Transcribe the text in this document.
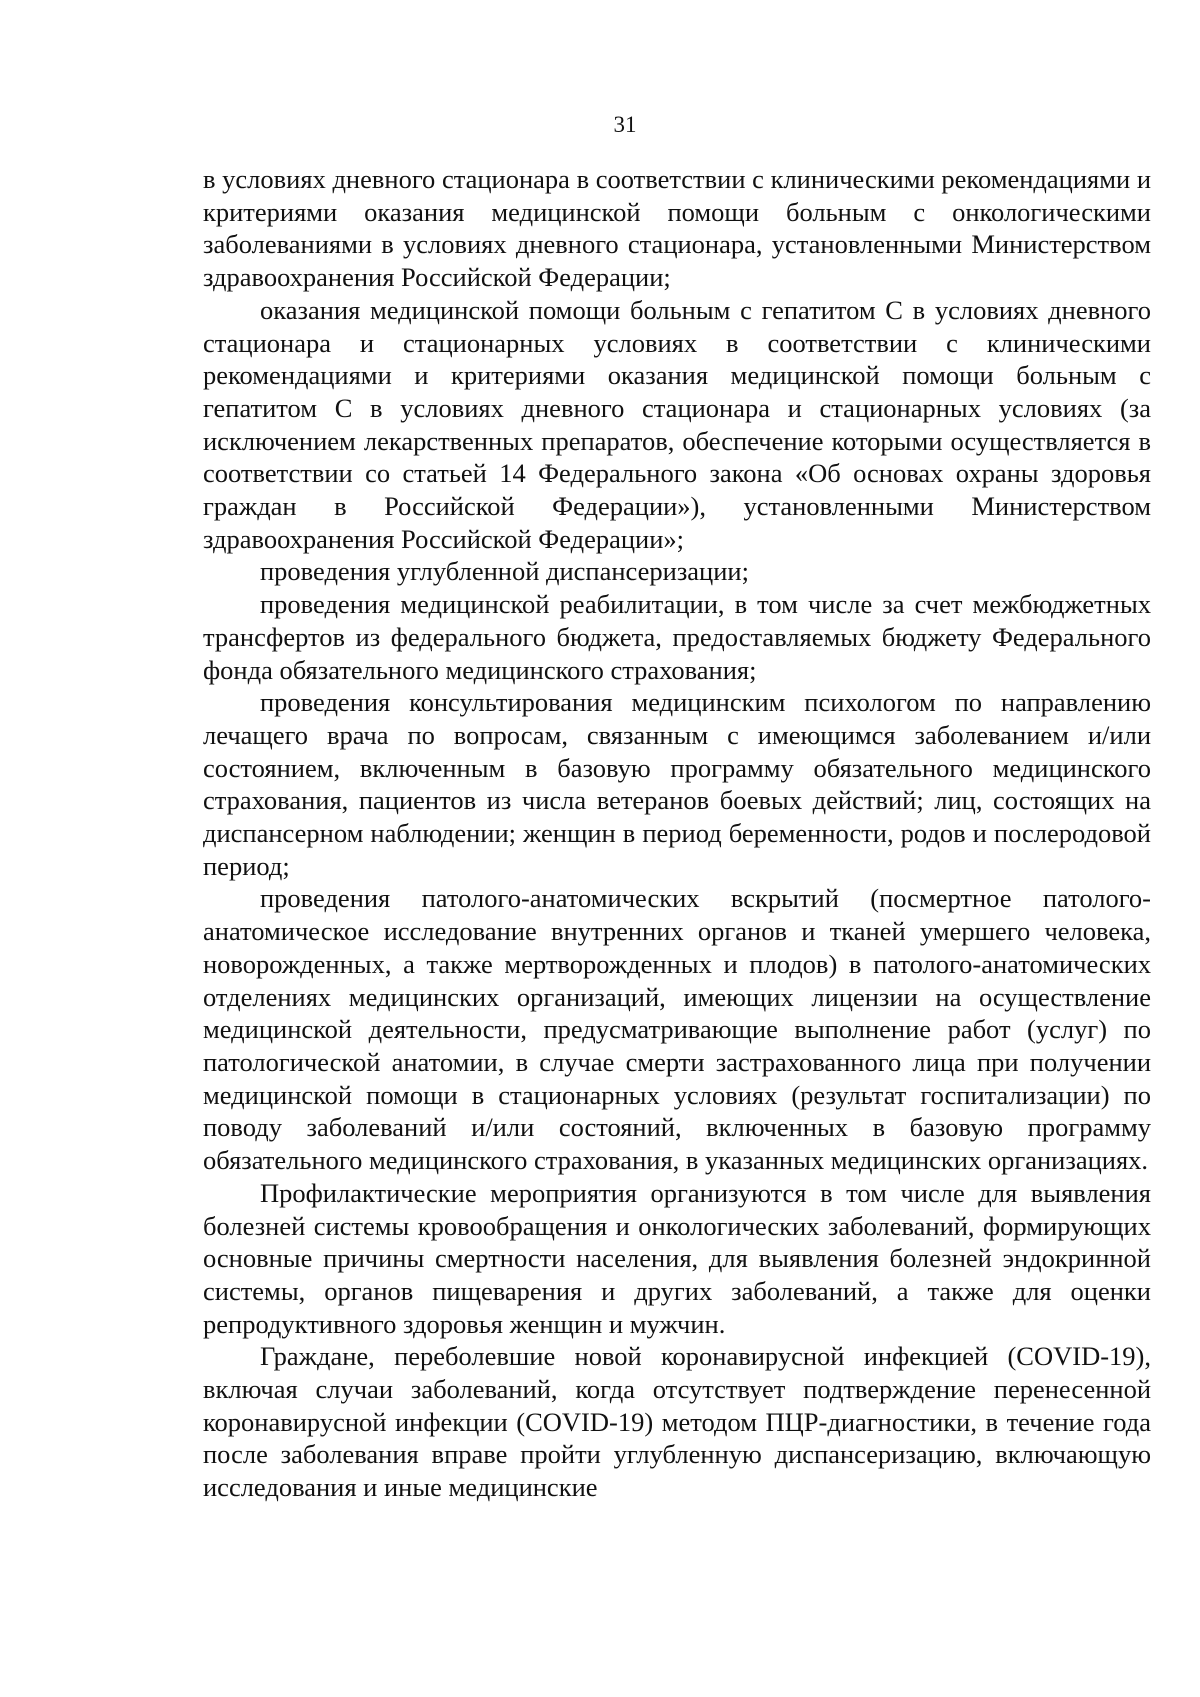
31

в условиях дневного стационара в соответствии с клиническими рекомендациями и критериями оказания медицинской помощи больным с онкологическими заболеваниями в условиях дневного стационара, установленными Министерством здравоохранения Российской Федерации;

оказания медицинской помощи больным с гепатитом С в условиях дневного стационара и стационарных условиях в соответствии с клиническими рекомендациями и критериями оказания медицинской помощи больным с гепатитом С в условиях дневного стационара и стационарных условиях (за исключением лекарственных препаратов, обеспечение которыми осуществляется в соответствии со статьей 14 Федерального закона «Об основах охраны здоровья граждан в Российской Федерации»), установленными Министерством здравоохранения Российской Федерации»;

проведения углубленной диспансеризации;

проведения медицинской реабилитации, в том числе за счет межбюджетных трансфертов из федерального бюджета, предоставляемых бюджету Федерального фонда обязательного медицинского страхования;

проведения консультирования медицинским психологом по направлению лечащего врача по вопросам, связанным с имеющимся заболеванием и/или состоянием, включенным в базовую программу обязательного медицинского страхования, пациентов из числа ветеранов боевых действий; лиц, состоящих на диспансерном наблюдении; женщин в период беременности, родов и послеродовой период;

проведения патолого-анатомических вскрытий (посмертное патолого-анатомическое исследование внутренних органов и тканей умершего человека, новорожденных, а также мертворожденных и плодов) в патолого-анатомических отделениях медицинских организаций, имеющих лицензии на осуществление медицинской деятельности, предусматривающие выполнение работ (услуг) по патологической анатомии, в случае смерти застрахованного лица при получении медицинской помощи в стационарных условиях (результат госпитализации) по поводу заболеваний и/или состояний, включенных в базовую программу обязательного медицинского страхования, в указанных медицинских организациях.

Профилактические мероприятия организуются в том числе для выявления болезней системы кровообращения и онкологических заболеваний, формирующих основные причины смертности населения, для выявления болезней эндокринной системы, органов пищеварения и других заболеваний, а также для оценки репродуктивного здоровья женщин и мужчин.

Граждане, переболевшие новой коронавирусной инфекцией (COVID-19), включая случаи заболеваний, когда отсутствует подтверждение перенесенной коронавирусной инфекции (COVID-19) методом ПЦР-диагностики, в течение года после заболевания вправе пройти углубленную диспансеризацию, включающую исследования и иные медицинские
